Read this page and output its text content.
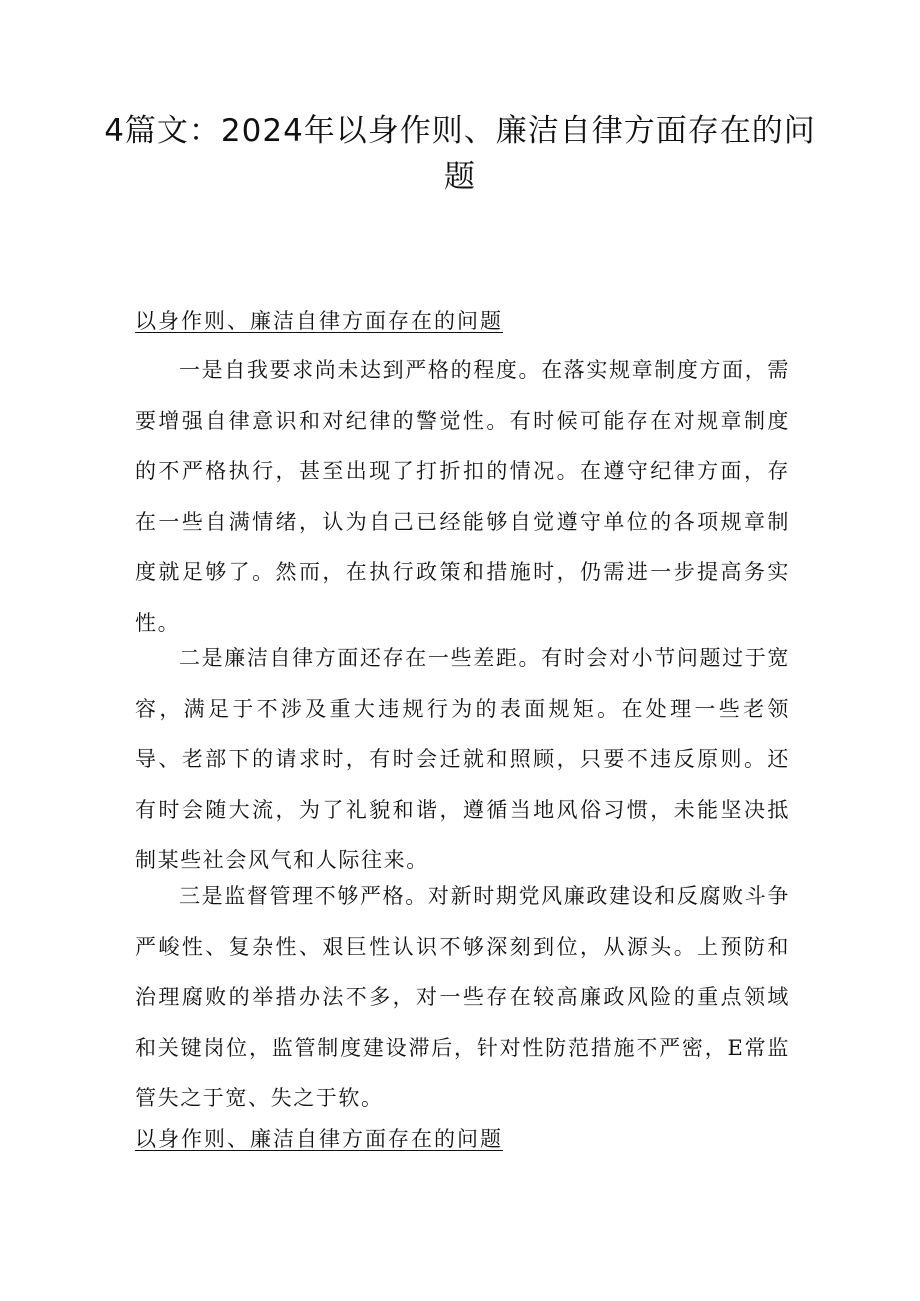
4篇文：2024年以身作则、廉洁自律方面存在的问题
以身作则、廉洁自律方面存在的问题

一是自我要求尚未达到严格的程度。在落实规章制度方面，需要增强自律意识和对纪律的警觉性。有时候可能存在对规章制度的不严格执行，甚至出现了打折扣的情况。在遵守纪律方面，存在一些自满情绪，认为自己已经能够自觉遵守单位的各项规章制度就足够了。然而，在执行政策和措施时，仍需进一步提高务实性。

二是廉洁自律方面还存在一些差距。有时会对小节问题过于宽容，满足于不涉及重大违规行为的表面规矩。在处理一些老领导、老部下的请求时，有时会迁就和照顾，只要不违反原则。还有时会随大流，为了礼貌和谐，遵循当地风俗习惯，未能坚决抵制某些社会风气和人际往来。

三是监督管理不够严格。对新时期党风廉政建设和反腐败斗争严峻性、复杂性、艰巨性认识不够深刻到位，从源头。上预防和治理腐败的举措办法不多，对一些存在较高廉政风险的重点领域和关键岗位，监管制度建设滞后，针对性防范措施不严密，E常监管失之于宽、失之于软。

以身作则、廉洁自律方面存在的问题
